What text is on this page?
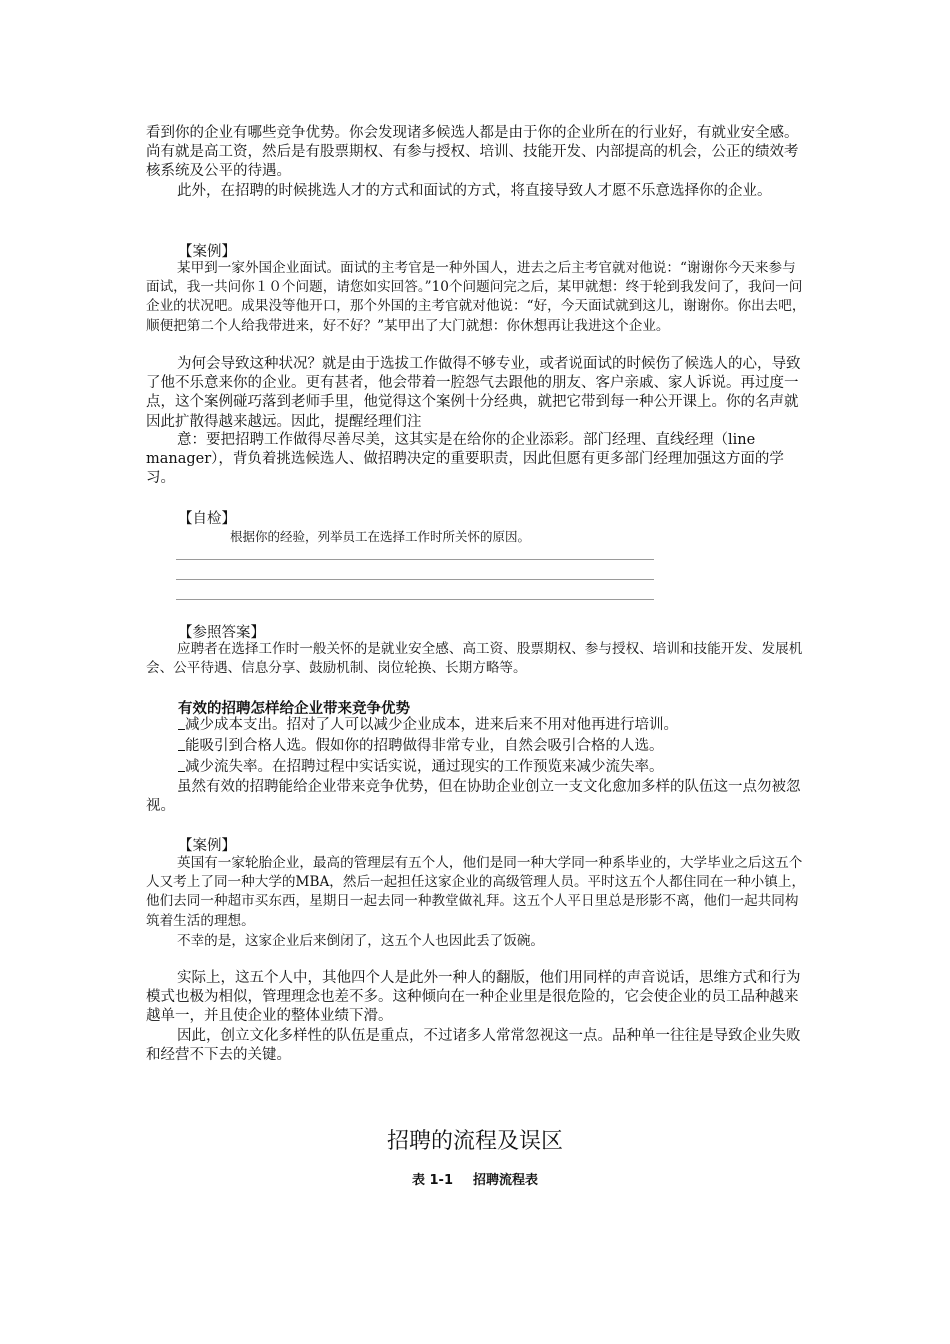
看到你的企业有哪些竞争优势。你会发现诸多候选人都是由于你的企业所在的行业好，有就业安全感。尚有就是高工资，然后是有股票期权、有参与授权、培训、技能开发、内部提高的机会，公正的绩效考核系统及公平的待遇。

此外，在招聘的时候挑选人才的方式和面试的方式，将直接导致人才愿不乐意选择你的企业。

【案例】

某甲到一家外国企业面试。面试的主考官是一种外国人，进去之后主考官就对他说：“谢谢你今天来参与面试，我一共问你１０个问题，请您如实回答。”10个问题问完之后，某甲就想：终于轮到我发问了，我问一问企业的状况吧。成果没等他开口，那个外国的主考官就对他说：“好，今天面试就到这儿，谢谢你。你出去吧，顺便把第二个人给我带进来，好不好？”某甲出了大门就想：你休想再让我进这个企业。

为何会导致这种状况？就是由于选拔工作做得不够专业，或者说面试的时候伤了候选人的心，导致了他不乐意来你的企业。更有甚者，他会带着一腔怨气去跟他的朋友、客户亲戚、家人诉说。再过度一点，这个案例碰巧落到老师手里，他觉得这个案例十分经典，就把它带到每一种公开课上。你的名声就因此扩散得越来越远。因此，提醒经理们注

意：要把招聘工作做得尽善尽美，这其实是在给你的企业添彩。部门经理、直线经理（line manager），背负着挑选候选人、做招聘决定的重要职责，因此但愿有更多部门经理加强这方面的学习。

【自检】
根据你的经验，列举员工在选择工作时所关怀的原因。
【参照答案】

应聘者在选择工作时一般关怀的是就业安全感、高工资、股票期权、参与授权、培训和技能开发、发展机会、公平待遇、信息分享、鼓励机制、岗位轮换、长期方略等。

有效的招聘怎样给企业带来竞争优势
减少成本支出。招对了人可以减少企业成本，进来后来不用对他再进行培训。
能吸引到合格人选。假如你的招聘做得非常专业，自然会吸引合格的人选。
减少流失率。在招聘过程中实话实说，通过现实的工作预览来减少流失率。

虽然有效的招聘能给企业带来竞争优势，但在协助企业创立一支文化愈加多样的队伍这一点勿被忽视。

【案例】

英国有一家轮胎企业，最高的管理层有五个人，他们是同一种大学同一种系毕业的，大学毕业之后这五个人又考上了同一种大学的MBA，然后一起担任这家企业的高级管理人员。平时这五个人都住同在一种小镇上，他们去同一种超市买东西，星期日一起去同一种教堂做礼拜。这五个人平日里总是形影不离，他们一起共同构筑着生活的理想。

不幸的是，这家企业后来倒闭了，这五个人也因此丢了饭碗。

实际上，这五个人中，其他四个人是此外一种人的翻版，他们用同样的声音说话，思维方式和行为模式也极为相似，管理理念也差不多。这种倾向在一种企业里是很危险的，它会使企业的员工品种越来越单一，并且使企业的整体业绩下滑。

因此，创立文化多样性的队伍是重点，不过诸多人常常忽视这一点。品种单一往往是导致企业失败和经营不下去的关键。

招聘的流程及误区
表 1-1 招聘流程表
